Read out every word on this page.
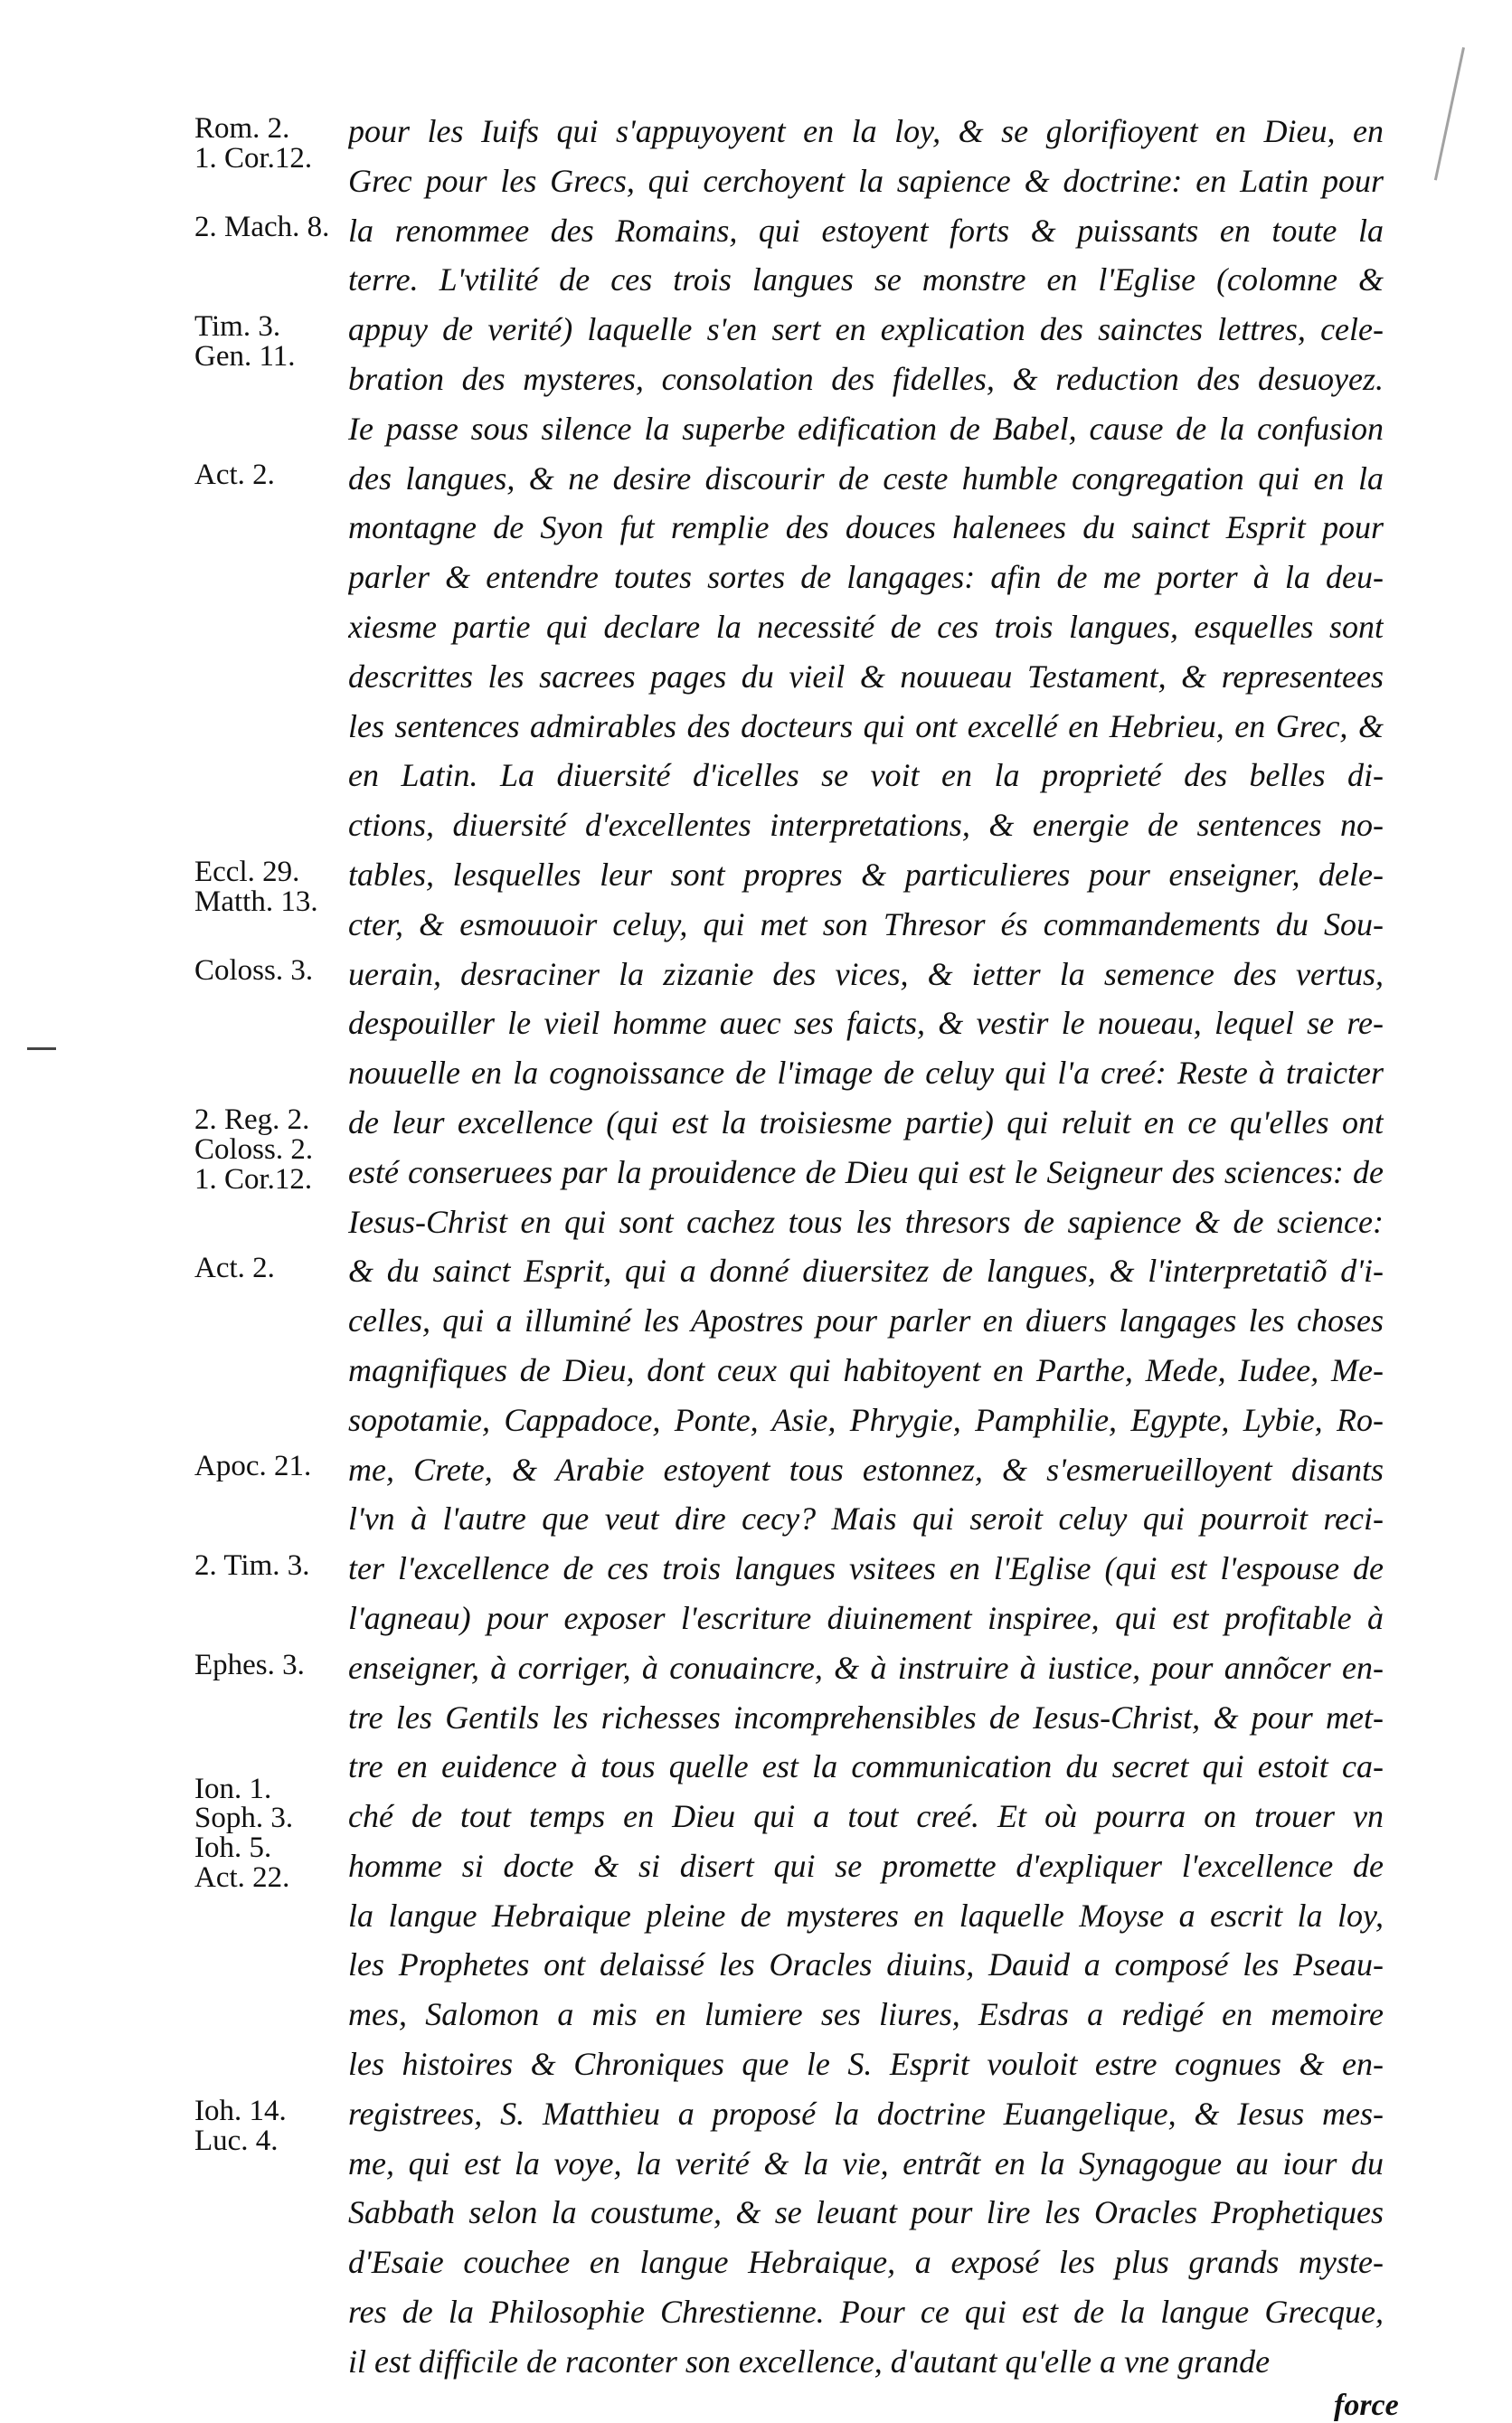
pour les Iuifs qui s'appuyoyent en la loy, & se glorifioyent en Dieu, en
Grec pour les Grecs, qui cerchoyent la sapience & doctrine: en Latin pour
la renommee des Romains, qui estoyent forts & puissants en toute la
terre. L'vtilité de ces trois langues se monstre en l'Eglise (colomne &
appuy de verité) laquelle s'en sert en explication des sainctes lettres, cele-
bration des mysteres, consolation des fidelles, & reduction des desuoyez.
Ie passe sous silence la superbe edification de Babel, cause de la confusion
des langues, & ne desire discourir de ceste humble congregation qui en la
montagne de Syon fut remplie des douces halenees du sainct Esprit pour
parler & entendre toutes sortes de langages: afin de me porter à la deu-
xiesme partie qui declare la necessité de ces trois langues, esquelles sont
descrittes les sacrees pages du vieil & nouueau Testament, & representees
les sentences admirables des docteurs qui ont excellé en Hebrieu, en Grec, &
en Latin. La diuersité d'icelles se voit en la proprieté des belles di-
ctions, diuersité d'excellentes interpretations, & energie de sentences no-
tables, lesquelles leur sont propres & particulieres pour enseigner, dele-
cter, & esmouuoir celuy, qui met son Thresor és commandements du Sou-
uerain, desraciner la zizanie des vices, & ietter la semence des vertus,
despouiller le vieil homme auec ses faicts, & vestir le noueau, lequel se re-
nouuelle en la cognoissance de l'image de celuy qui l'a creé: Reste à traicter
de leur excellence (qui est la troisiesme partie) qui reluit en ce qu'elles ont
esté conseruees par la prouidence de Dieu qui est le Seigneur des sciences: de
Iesus-Christ en qui sont cachez tous les thresors de sapience & de science:
& du sainct Esprit, qui a donné diuersitez de langues, & l'interpretatiõ d'i-
celles, qui a illuminé les Apostres pour parler en diuers langages les choses
magnifiques de Dieu, dont ceux qui habitoyent en Parthe, Mede, Iudee, Me-
sopotamie, Cappadoce, Ponte, Asie, Phrygie, Pamphilie, Egypte, Lybie, Ro-
me, Crete, & Arabie estoyent tous estonnez, & s'esmerueilloyent disants
l'vn à l'autre que veut dire cecy? Mais qui seroit celuy qui pourroit reci-
ter l'excellence de ces trois langues vsitees en l'Eglise (qui est l'espouse de
l'agneau) pour exposer l'escriture diuinement inspiree, qui est profitable à
enseigner, à corriger, à conuaincre, & à instruire à iustice, pour annõcer en-
tre les Gentils les richesses incomprehensibles de Iesus-Christ, & pour met-
tre en euidence à tous quelle est la communication du secret qui estoit ca-
ché de tout temps en Dieu qui a tout creé. Et où pourra on trouer vn
homme si docte & si disert qui se promette d'expliquer l'excellence de
la langue Hebraique pleine de mysteres en laquelle Moyse a escrit la loy,
les Prophetes ont delaissé les Oracles diuins, Dauid a composé les Pseau-
mes, Salomon a mis en lumiere ses liures, Esdras a redigé en memoire
les histoires & Chroniques que le S. Esprit vouloit estre cognues & en-
registrees, S. Matthieu a proposé la doctrine Euangelique, & Iesus mes-
me, qui est la voye, la verité & la vie, entrãt en la Synagogue au iour du
Sabbath selon la coustume, & se leuant pour lire les Oracles Prophetiques
d'Esaie couchee en langue Hebraique, a exposé les plus grands myste-
res de la Philosophie Chrestienne. Pour ce qui est de la langue Grecque,
il est difficile de raconter son excellence, d'autant qu'elle a vne grande
Rom. 2.
1. Cor.12.
2. Mach. 8.
Tim. 3.
Gen. 11.
Act. 2.
Eccl. 29.
Matth. 13.
Coloss. 3.
2. Reg. 2.
Coloss. 2.
1. Cor.12.
Act. 2.
Apoc. 21.
2. Tim. 3.
Ephes. 3.
Ion. 1.
Soph. 3.
Ioh. 5.
Act. 22.
Ioh. 14.
Luc. 4.
force
